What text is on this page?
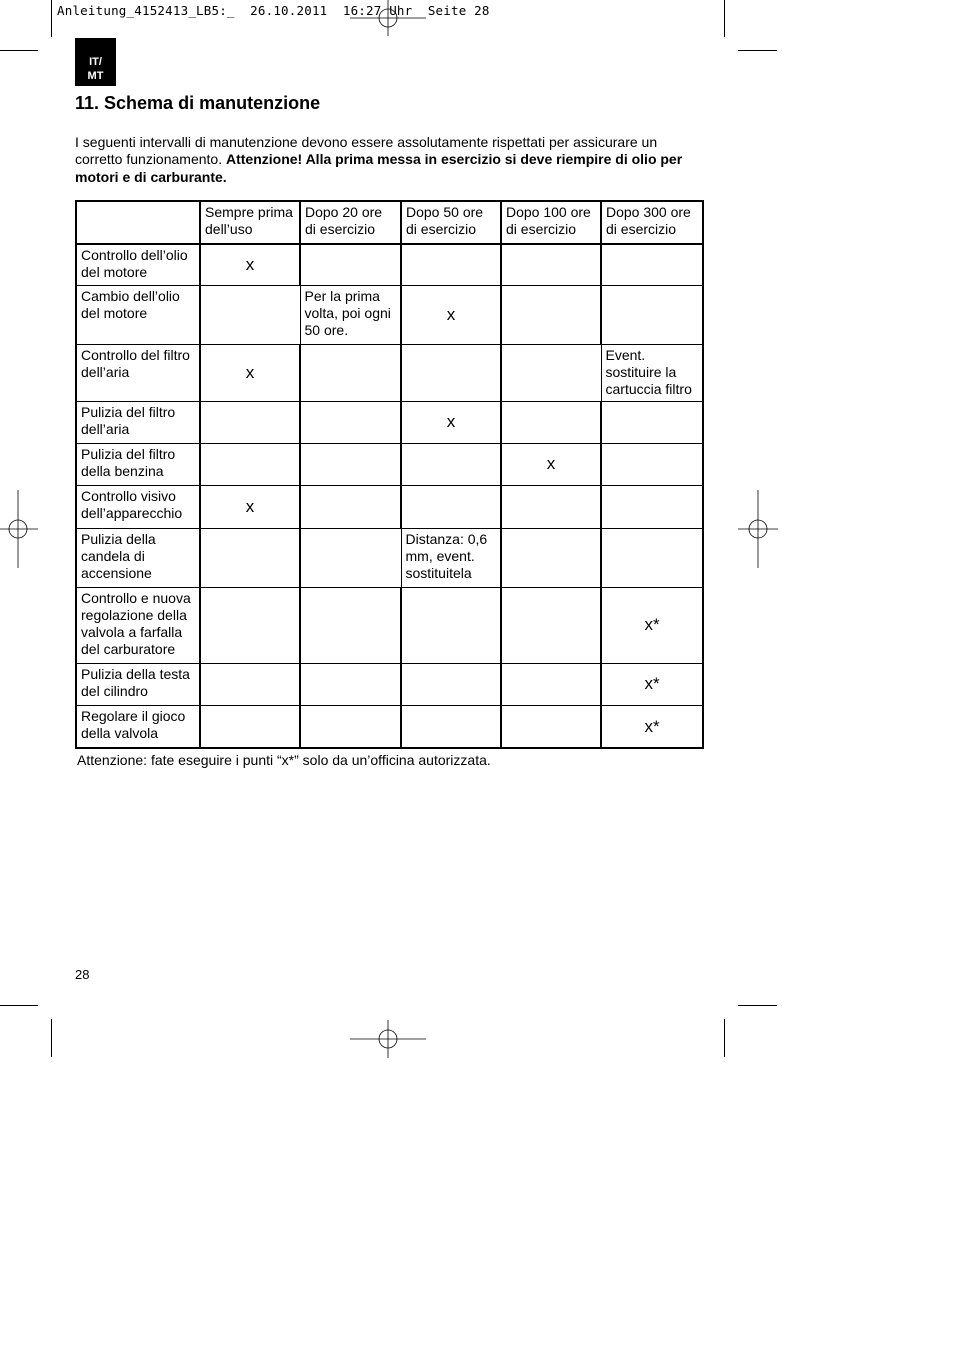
Anleitung_4152413_LB5:_  26.10.2011  16:27 Uhr  Seite 28
IT/
MT
11. Schema di manutenzione

I seguenti intervalli di manutenzione devono essere assolutamente rispettati per assicurare un corretto funzionamento. Attenzione! Alla prima messa in esercizio si deve riempire di olio per motori e di carburante.

	Sempre prima dell’uso	Dopo 20 ore di esercizio	Dopo 50 ore di esercizio	Dopo 100 ore di esercizio	Dopo 300 ore di esercizio
Controllo dell’olio del motore	x				
Cambio dell’olio del motore		Per la prima volta, poi ogni 50 ore.	x		
Controllo del filtro dell’aria	x				Event. sostituire la cartuccia filtro
Pulizia del filtro dell’aria			x		
Pulizia del filtro della benzina				x	
Controllo visivo dell’apparecchio	x				
Pulizia della candela di accensione			Distanza: 0,6 mm, event. sostituitela		
Controllo e nuova regolazione della valvola a farfalla del carburatore					x*
Pulizia della testa del cilindro					x*
Regolare il gioco della valvola					x*

Attenzione: fate eseguire i punti “x*” solo da un’officina autorizzata.

28
